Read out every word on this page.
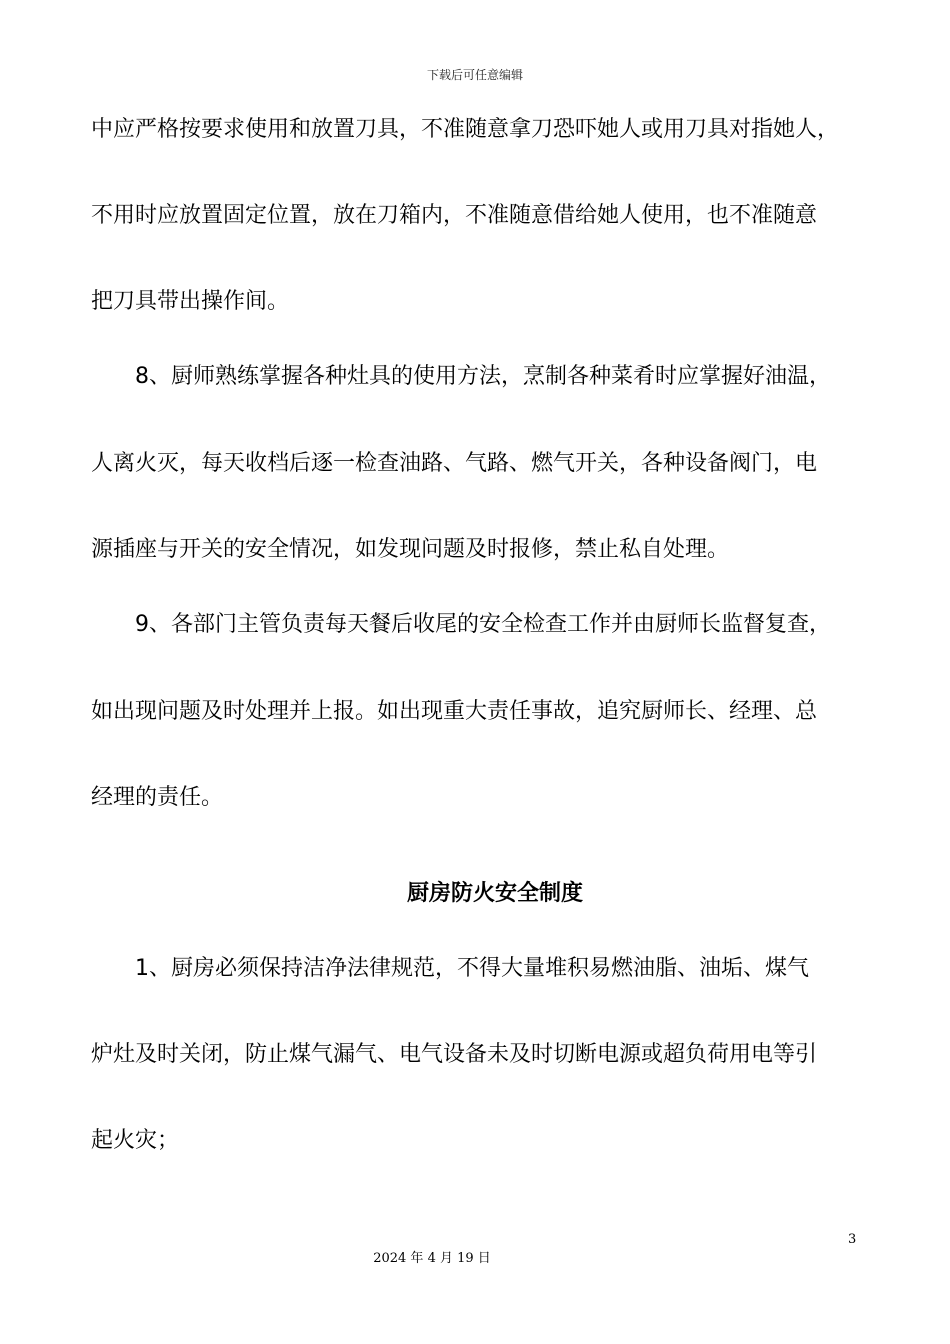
下载后可任意编辑
中应严格按要求使用和放置刀具，不准随意拿刀恐吓她人或用刀具对指她人，
不用时应放置固定位置，放在刀箱内，不准随意借给她人使用，也不准随意
把刀具带出操作间。
8、厨师熟练掌握各种灶具的使用方法，烹制各种菜肴时应掌握好油温，
人离火灭，每天收档后逐一检查油路、气路、燃气开关，各种设备阀门，电
源插座与开关的安全情况，如发现问题及时报修，禁止私自处理。
9、各部门主管负责每天餐后收尾的安全检查工作并由厨师长监督复查，
如出现问题及时处理并上报。如出现重大责任事故，追究厨师长、经理、总
经理的责任。
厨房防火安全制度
1、厨房必须保持洁净法律规范，不得大量堆积易燃油脂、油垢、煤气
炉灶及时关闭，防止煤气漏气、电气设备未及时切断电源或超负荷用电等引
起火灾；
3
2024 年 4 月 19 日
